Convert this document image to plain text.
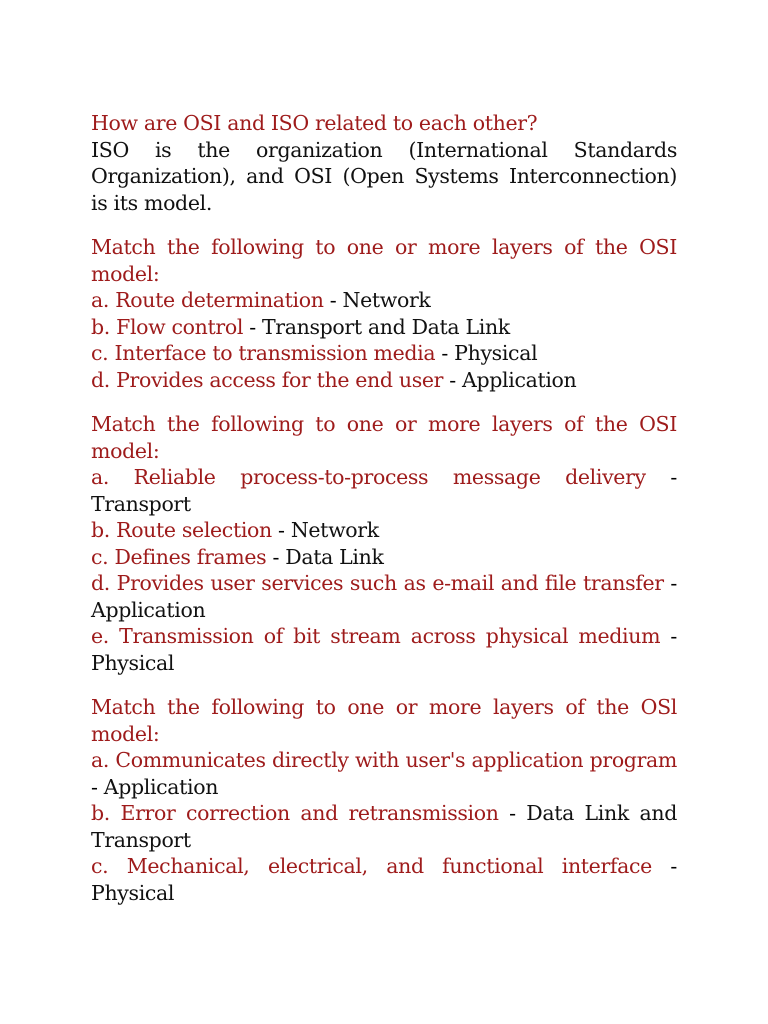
How are OSI and ISO related to each other?
ISO is the organization (International Standards Organization), and OSI (Open Systems Interconnection) is its model.
Match the following to one or more layers of the OSI model:
a. Route determination - Network
b. Flow control - Transport and Data Link
c. Interface to transmission media - Physical
d. Provides access for the end user - Application
Match the following to one or more layers of the OSI model:
a. Reliable process-to-process message delivery - Transport
b. Route selection - Network
c. Defines frames - Data Link
d. Provides user services such as e-mail and file transfer - Application
e. Transmission of bit stream across physical medium - Physical
Match the following to one or more layers of the OSl model:
a. Communicates directly with user's application program - Application
b. Error correction and retransmission - Data Link and Transport
c. Mechanical, electrical, and functional interface - Physical
